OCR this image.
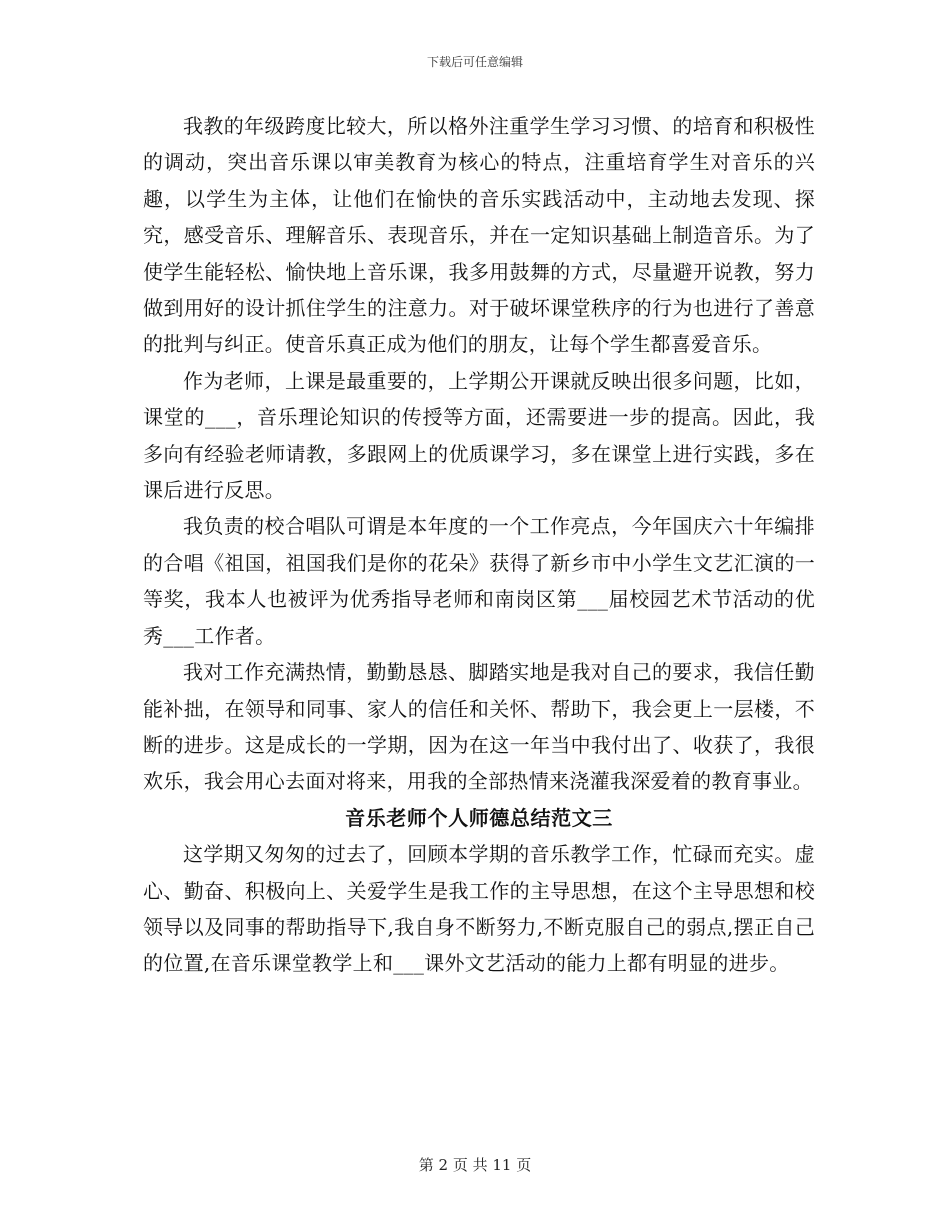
下载后可任意编辑

我教的年级跨度比较大，所以格外注重学生学习习惯、的培育和积极性的调动，突出音乐课以审美教育为核心的特点，注重培育学生对音乐的兴趣，以学生为主体，让他们在愉快的音乐实践活动中，主动地去发现、探究，感受音乐、理解音乐、表现音乐，并在一定知识基础上制造音乐。为了使学生能轻松、愉快地上音乐课，我多用鼓舞的方式，尽量避开说教，努力做到用好的设计抓住学生的注意力。对于破坏课堂秩序的行为也进行了善意的批判与纠正。使音乐真正成为他们的朋友，让每个学生都喜爱音乐。

作为老师，上课是最重要的，上学期公开课就反映出很多问题，比如，课堂的___，音乐理论知识的传授等方面，还需要进一步的提高。因此，我多向有经验老师请教，多跟网上的优质课学习，多在课堂上进行实践，多在课后进行反思。

我负责的校合唱队可谓是本年度的一个工作亮点，今年国庆六十年编排的合唱《祖国，祖国我们是你的花朵》获得了新乡市中小学生文艺汇演的一等奖，我本人也被评为优秀指导老师和南岗区第___届校园艺术节活动的优秀___工作者。

我对工作充满热情，勤勤恳恳、脚踏实地是我对自己的要求，我信任勤能补拙，在领导和同事、家人的信任和关怀、帮助下，我会更上一层楼，不断的进步。这是成长的一学期，因为在这一年当中我付出了、收获了，我很欢乐，我会用心去面对将来，用我的全部热情来浇灌我深爱着的教育事业。

音乐老师个人师德总结范文三

这学期又匆匆的过去了，回顾本学期的音乐教学工作，忙碌而充实。虚心、勤奋、积极向上、关爱学生是我工作的主导思想，在这个主导思想和校领导以及同事的帮助指导下,我自身不断努力,不断克服自己的弱点,摆正自己的位置,在音乐课堂教学上和___课外文艺活动的能力上都有明显的进步。

第 2 页 共 11 页
